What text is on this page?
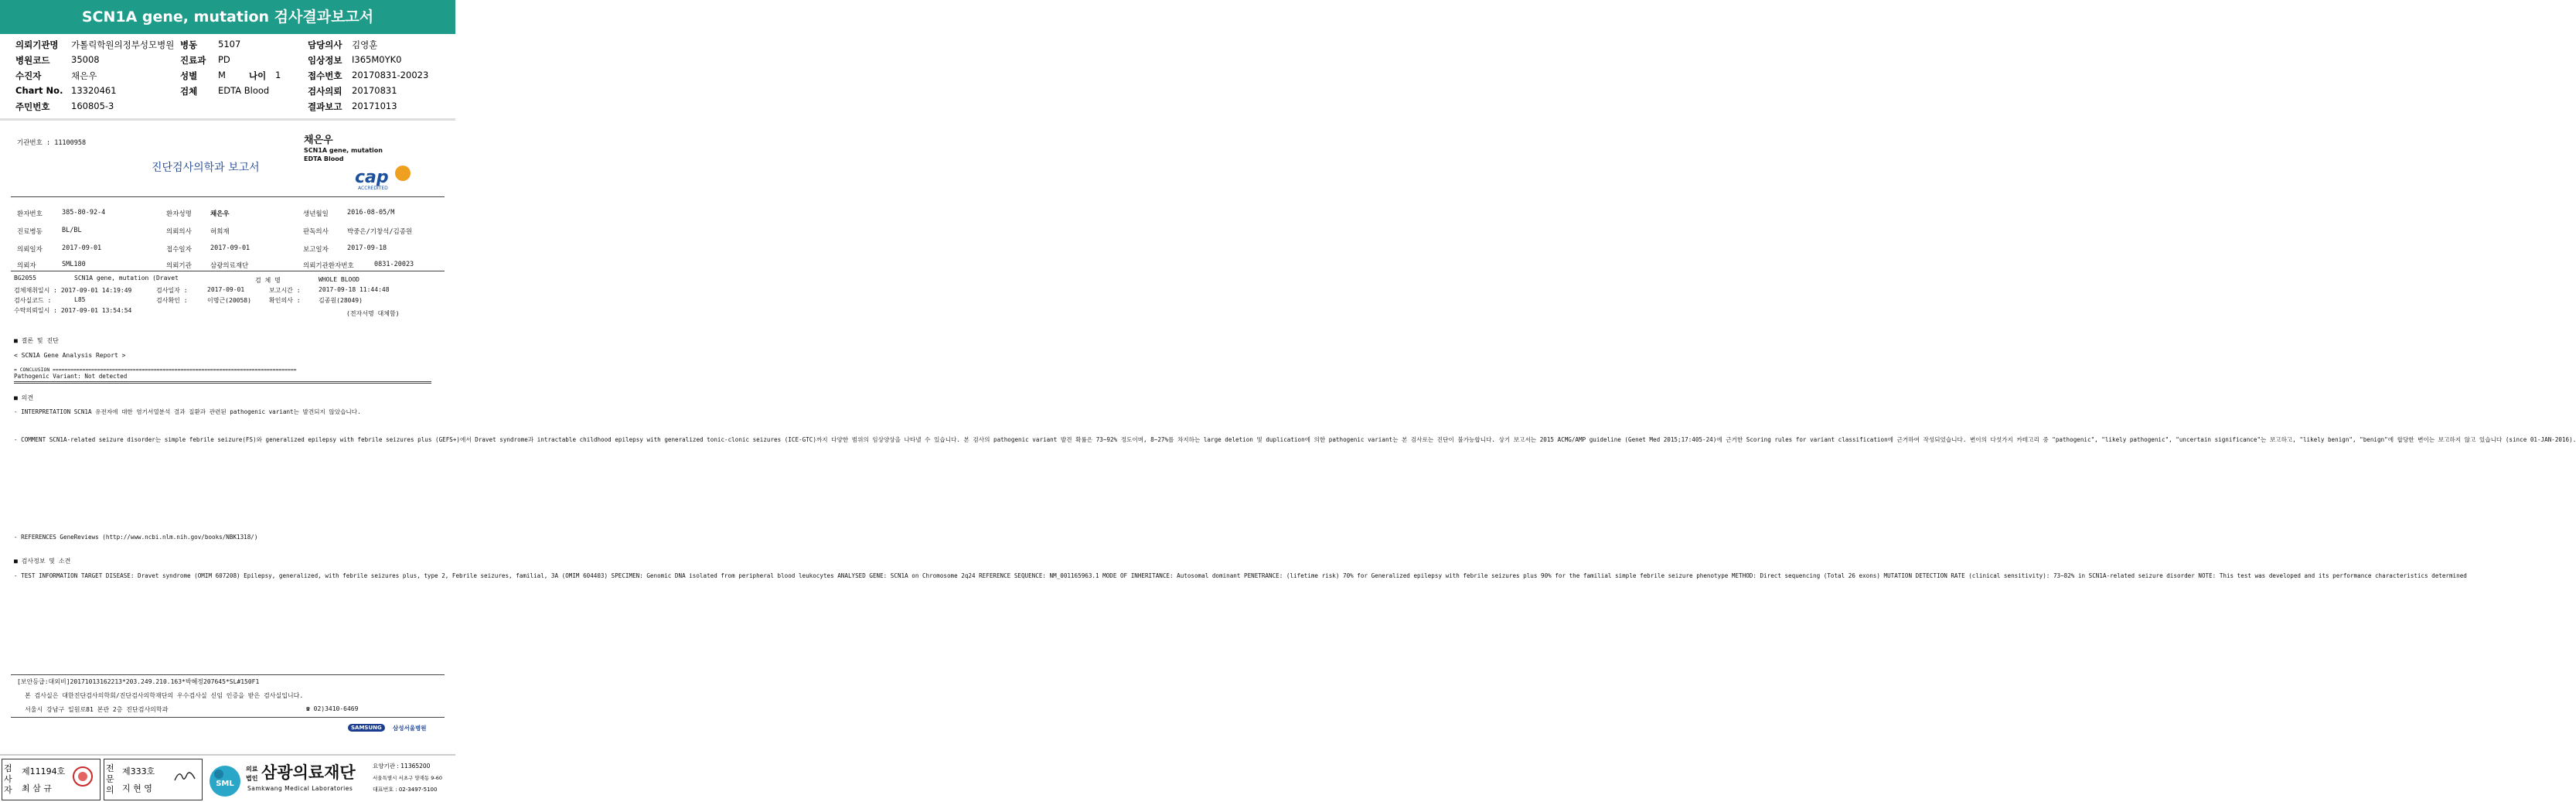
SCN1A gene, mutation 검사결과보고서
의뢰기관명 가톨릭학원의정부성모병원 병동 5107	담당의사 김영훈
병원코드 35008	진료과 PD	임상정보 I365M0YK0
수진자	채은우	성별 M	나이 1	접수번호 20170831-20023
Chart No. 13320461	검체 EDTA Blood	검사의뢰 20170831
주민번호 160805-3	결과보고 20171013
기관번호 : 11100958	채은우
SCN1A gene, mutation
EDTA Blood
진단검사의학과 보고서	cap
ACCREDITED
환자번호	385-80-92-4	환자성명	채은우	생년월일	2016-08-05/M
진료병동	BL/BL	의뢰의사	허희재	판독의사	박중은/기창석/김종원
의뢰일자	2017-09-01	접수일자	2017-09-01	보고일자	2017-09-18
의뢰자	SML180	의뢰기관	삼광의료재단	의뢰기관환자번호	0831-20023
BG2055	SCN1A gene, mutation (Dravet	검 체 명	WHOLE BLOOD
검체채취일시 : 2017-09-01 14:19:49	검사일자 :	2017-09-01	보고시간 :	2017-09-18 11:44:48
검사실코드 :	L85	검사확인 :	이명근(20058)	확인의사 :	김종원(28049)
수탁의뢰일시 : 2017-09-01 13:54:54	(전자서명 대체함)
■ 결론 및 진단
< SCN1A Gene Analysis Report >
= CONCLUSION ==================================================================================
Pathogenic Variant: Not detected
■ 의견
- INTERPRETATION SCN1A 유전자에 대한 염기서열분석 결과 질환과 관련된 pathogenic variant는 발견되지 않았습니다.
- COMMENT SCN1A-related seizure disorder는 simple febrile seizure(FS)와 generalized epilepsy with febrile seizures plus (GEFS+)에서 Dravet syndrome과 intractable childhood epilepsy with generalized tonic-clonic seizures (ICE-GTC)까지 다양한 범위의 임상양상을 나타낼 수 있습니다. 본 검사의 pathogenic variant 발견 확률은 73~92% 정도이며, 8~27%를 차지하는 large deletion 및 duplication에 의한 pathogenic variant는 본 검사로는 진단이 불가능합니다. 상기 보고서는 2015 ACMG/AMP guideline (Genet Med 2015;17:405-24)에 근거한 Scoring rules for variant classification에 근거하여 작성되었습니다. 변이의 다섯가지 카테고리 중 "pathogenic", "likely pathogenic", "uncertain significance"는 보고하고, "likely benign", "benign"에 합당한 변이는 보고하지 않고 있습니다 (since 01-JAN-2016).
- REFERENCES GeneReviews (http://www.ncbi.nlm.nih.gov/books/NBK1318/)
■ 검사정보 및 소견
- TEST INFORMATION TARGET DISEASE: Dravet syndrome (OMIM 607208) Epilepsy, generalized, with febrile seizures plus, type 2, Febrile seizures, familial, 3A (OMIM 604403) SPECIMEN: Genomic DNA isolated from peripheral blood leukocytes ANALYSED GENE: SCN1A on Chromosome 2q24 REFERENCE SEQUENCE: NM_001165963.1 MODE OF INHERITANCE: Autosomal dominant PENETRANCE: (lifetime risk) 70% for Generalized epilepsy with febrile seizures plus 90% for the familial simple febrile seizure phenotype METHOD: Direct sequencing (Total 26 exons) MUTATION DETECTION RATE (clinical sensitivity): 73~82% in SCN1A-related seizure disorder NOTE: This test was developed and its performance characteristics determined
[보안등급:대외비]20171013162213*203.249.210.163*박혜정207645*SL#150F1
본 검사실은 대한진단검사의학회/진단검사의학재단의 우수검사실 신임 인증을 받은 검사실입니다.
서울시 강남구 일원로81 본관 2층 진단검사의학과	☎ 02)3410-6469
SAMSUNG	삼성서울병원
검사자
제11194호
최 삼 규
전문의
제333호
지 현 영	SML
의료
법인 삼광의료재단
Samkwang Medical Laboratories
요양기관 : 11365200
서울특별시 서초구 양재동 9-60
대표번호 : 02-3497-5100
